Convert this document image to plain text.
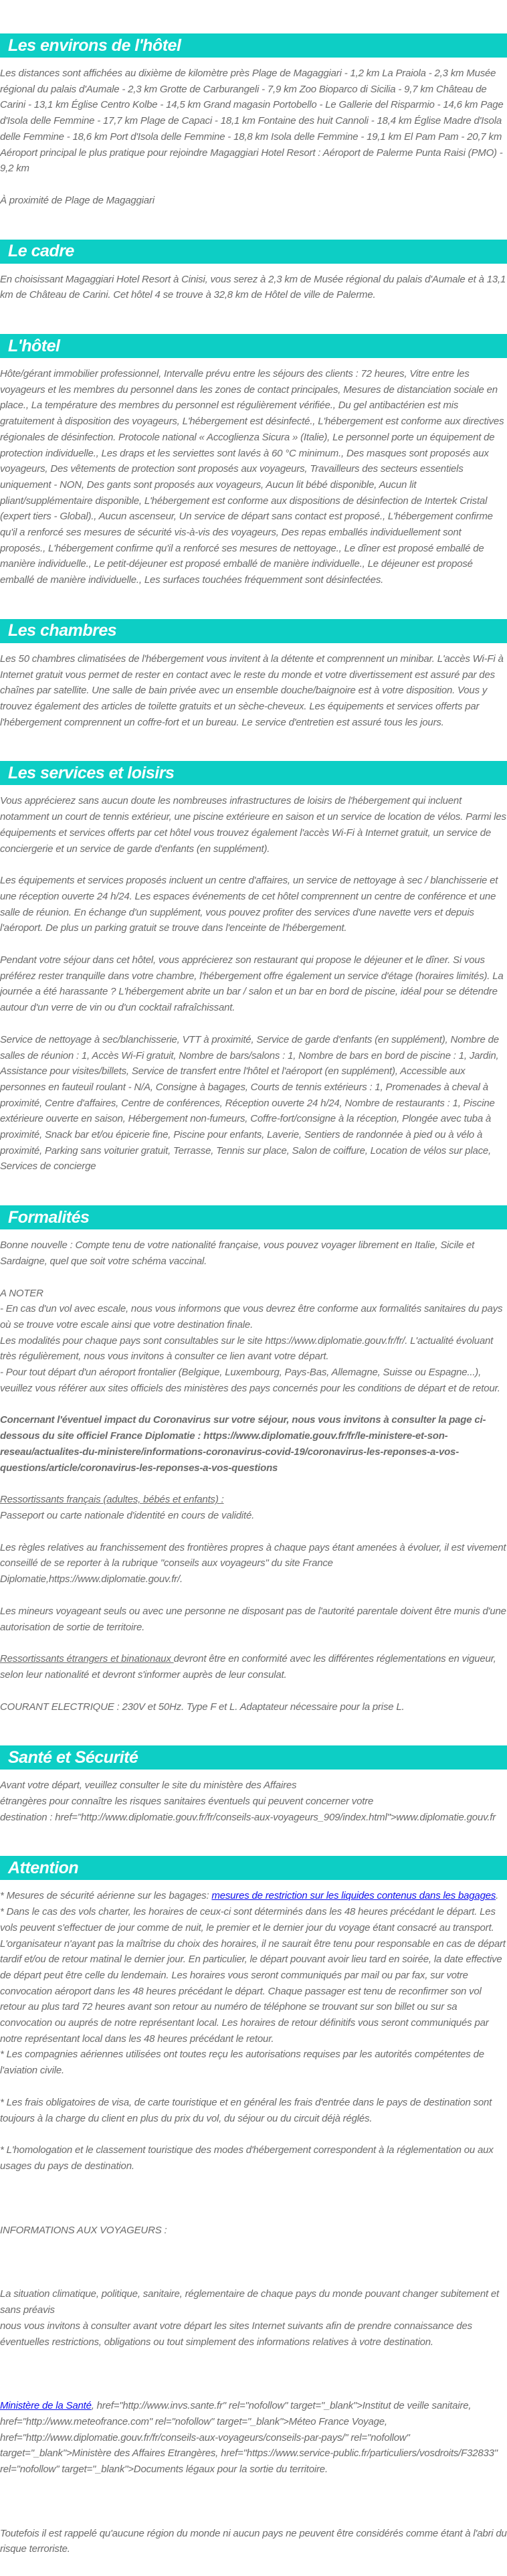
Les environs de l'hôtel

Les distances sont affichées au dixième de kilomètre près Plage de Magaggiari - 1,2 km La Praiola - 2,3 km Musée régional du palais d'Aumale - 2,3 km Grotte de Carburangeli - 7,9 km Zoo Bioparco di Sicilia - 9,7 km Château de Carini - 13,1 km Église Centro Kolbe - 14,5 km Grand magasin Portobello - Le Gallerie del Risparmio - 14,6 km Page d'Isola delle Femmine - 17,7 km Plage de Capaci - 18,1 km Fontaine des huit Cannoli - 18,4 km Église Madre d'Isola delle Femmine - 18,6 km Port d'Isola delle Femmine - 18,8 km Isola delle Femmine - 19,1 km El Pam Pam - 20,7 km Aéroport principal le plus pratique pour rejoindre Magaggiari Hotel Resort : Aéroport de Palerme Punta Raisi (PMO) - 9,2 km

À proximité de Plage de Magaggiari

Le cadre

En choisissant Magaggiari Hotel Resort à Cinisi, vous serez à 2,3 km de Musée régional du palais d'Aumale et à 13,1 km de Château de Carini. Cet hôtel 4 se trouve à 32,8 km de Hôtel de ville de Palerme.

L'hôtel

Hôte/gérant immobilier professionnel, Intervalle prévu entre les séjours des clients : 72 heures, Vitre entre les voyageurs et les membres du personnel dans les zones de contact principales, Mesures de distanciation sociale en place., La température des membres du personnel est régulièrement vérifiée., Du gel antibactérien est mis gratuitement à disposition des voyageurs, L'hébergement est désinfecté., L'hébergement est conforme aux directives régionales de désinfection. Protocole national « Accoglienza Sicura » (Italie), Le personnel porte un équipement de protection individuelle., Les draps et les serviettes sont lavés à 60 °C minimum., Des masques sont proposés aux voyageurs, Des vêtements de protection sont proposés aux voyageurs, Travailleurs des secteurs essentiels uniquement - NON, Des gants sont proposés aux voyageurs, Aucun lit bébé disponible, Aucun lit pliant/supplémentaire disponible, L'hébergement est conforme aux dispositions de désinfection de Intertek Cristal (expert tiers - Global)., Aucun ascenseur, Un service de départ sans contact est proposé., L'hébergement confirme qu'il a renforcé ses mesures de sécurité vis-à-vis des voyageurs, Des repas emballés individuellement sont proposés., L'hébergement confirme qu'il a renforcé ses mesures de nettoyage., Le dîner est proposé emballé de manière individuelle., Le petit-déjeuner est proposé emballé de manière individuelle., Le déjeuner est proposé emballé de manière individuelle., Les surfaces touchées fréquemment sont désinfectées.

Les chambres

Les 50 chambres climatisées de l'hébergement vous invitent à la détente et comprennent un minibar. L'accès Wi-Fi à Internet gratuit vous permet de rester en contact avec le reste du monde et votre divertissement est assuré par des chaînes par satellite. Une salle de bain privée avec un ensemble douche/baignoire est à votre disposition. Vous y trouvez également des articles de toilette gratuits et un sèche-cheveux. Les équipements et services offerts par l'hébergement comprennent un coffre-fort et un bureau. Le service d'entretien est assuré tous les jours.

Les services et loisirs

Vous apprécierez sans aucun doute les nombreuses infrastructures de loisirs de l'hébergement qui incluent notamment un court de tennis extérieur, une piscine extérieure en saison et un service de location de vélos. Parmi les équipements et services offerts par cet hôtel vous trouvez également l'accès Wi-Fi à Internet gratuit, un service de conciergerie et un service de garde d'enfants (en supplément).

Les équipements et services proposés incluent un centre d'affaires, un service de nettoyage à sec / blanchisserie et une réception ouverte 24 h/24. Les espaces événements de cet hôtel comprennent un centre de conférence et une salle de réunion. En échange d'un supplément, vous pouvez profiter des services d'une navette vers et depuis l'aéroport. De plus un parking gratuit se trouve dans l'enceinte de l'hébergement.

Pendant votre séjour dans cet hôtel, vous apprécierez son restaurant qui propose le déjeuner et le dîner. Si vous préférez rester tranquille dans votre chambre, l'hébergement offre également un service d'étage (horaires limités). La journée a été harassante ? L'hébergement abrite un bar / salon et un bar en bord de piscine, idéal pour se détendre autour d'un verre de vin ou d'un cocktail rafraîchissant.

Service de nettoyage à sec/blanchisserie, VTT à proximité, Service de garde d'enfants (en supplément), Nombre de salles de réunion : 1, Accès Wi-Fi gratuit, Nombre de bars/salons : 1, Nombre de bars en bord de piscine : 1, Jardin, Assistance pour visites/billets, Service de transfert entre l'hôtel et l'aéroport (en supplément), Accessible aux personnes en fauteuil roulant - N/A, Consigne à bagages, Courts de tennis extérieurs : 1, Promenades à cheval à proximité, Centre d'affaires, Centre de conférences, Réception ouverte 24 h/24, Nombre de restaurants : 1, Piscine extérieure ouverte en saison, Hébergement non-fumeurs, Coffre-fort/consigne à la réception, Plongée avec tuba à proximité, Snack bar et/ou épicerie fine, Piscine pour enfants, Laverie, Sentiers de randonnée à pied ou à vélo à proximité, Parking sans voiturier gratuit, Terrasse, Tennis sur place, Salon de coiffure, Location de vélos sur place, Services de concierge

Formalités

Bonne nouvelle : Compte tenu de votre nationalité française, vous pouvez voyager librement en Italie, Sicile et Sardaigne, quel que soit votre schéma vaccinal.

A NOTER

- En cas d'un vol avec escale, nous vous informons que vous devrez être conforme aux formalités sanitaires du pays où se trouve votre escale ainsi que votre destination finale.

Les modalités pour chaque pays sont consultables sur le site https://www.diplomatie.gouv.fr/fr/. L'actualité évoluant très régulièrement, nous vous invitons à consulter ce lien avant votre départ.

- Pour tout départ d'un aéroport frontalier (Belgique, Luxembourg, Pays-Bas, Allemagne, Suisse ou Espagne...), veuillez vous référer aux sites officiels des ministères des pays concernés pour les conditions de départ et de retour.

Concernant l'éventuel impact du Coronavirus sur votre séjour, nous vous invitons à consulter la page ci-dessous du site officiel France Diplomatie : https://www.diplomatie.gouv.fr/fr/le-ministere-et-son-reseau/actualites-du-ministere/informations-coronavirus-covid-19/coronavirus-les-reponses-a-vos-questions/article/coronavirus-les-reponses-a-vos-questions

Ressortissants français (adultes, bébés et enfants) :

Passeport ou carte nationale d'identité en cours de validité.

Les règles relatives au franchissement des frontières propres à chaque pays étant amenées à évoluer, il est vivement conseillé de se reporter à la rubrique "conseils aux voyageurs" du site France Diplomatie,https://www.diplomatie.gouv.fr/.

Les mineurs voyageant seuls ou avec une personne ne disposant pas de l'autorité parentale doivent être munis d'une autorisation de sortie de territoire.

Ressortissants étrangers et binationaux devront être en conformité avec les différentes réglementations en vigueur, selon leur nationalité et devront s'informer auprès de leur consulat.

COURANT ELECTRIQUE : 230V et 50Hz. Type F et L. Adaptateur nécessaire pour la prise L.

Santé et Sécurité

Avant votre départ, veuillez consulter le site du ministère des Affaires

étrangères pour connaître les risques sanitaires éventuels qui peuvent concerner votre

destination : href="http://www.diplomatie.gouv.fr/fr/conseils-aux-voyageurs_909/index.html">www.diplomatie.gouv.fr

Attention

* Mesures de sécurité aérienne sur les bagages: mesures de restriction sur les liquides contenus dans les bagages.

* Dans le cas des vols charter, les horaires de ceux-ci sont déterminés dans les 48 heures précédant le départ. Les vols peuvent s'effectuer de jour comme de nuit, le premier et le dernier jour du voyage étant consacré au transport. L'organisateur n'ayant pas la maîtrise du choix des horaires, il ne saurait être tenu pour responsable en cas de départ tardif et/ou de retour matinal le dernier jour. En particulier, le départ pouvant avoir lieu tard en soirée, la date effective de départ peut être celle du lendemain. Les horaires vous seront communiqués par mail ou par fax, sur votre convocation aéroport dans les 48 heures précédant le départ. Chaque passager est tenu de reconfirmer son vol retour au plus tard 72 heures avant son retour au numéro de téléphone se trouvant sur son billet ou sur sa convocation ou auprés de notre représentant local. Les horaires de retour définitifs vous seront communiqués par notre représentant local dans les 48 heures précédant le retour.

* Les compagnies aériennes utilisées ont toutes reçu les autorisations requises par les autorités compétentes de l'aviation civile.

* Les frais obligatoires de visa, de carte touristique et en général les frais d'entrée dans le pays de destination sont toujours à la charge du client en plus du prix du vol, du séjour ou du circuit déjà réglés.

* L'homologation et le classement touristique des modes d'hébergement correspondent à la réglementation ou aux usages du pays de destination.

INFORMATIONS AUX VOYAGEURS :

La situation climatique, politique, sanitaire, réglementaire de chaque pays du monde pouvant changer subitement et sans préavis

nous vous invitons à consulter avant votre départ les sites Internet suivants afin de prendre connaissance des éventuelles restrictions, obligations ou tout simplement des informations relatives à votre destination.

Ministère de la Santé, href="http://www.invs.sante.fr" rel="nofollow" target="_blank">Institut de veille sanitaire, href="http://www.meteofrance.com" rel="nofollow" target="_blank">Méteo France Voyage, href="http://www.diplomatie.gouv.fr/fr/conseils-aux-voyageurs/conseils-par-pays/" rel="nofollow" target="_blank">Ministère des Affaires Etrangères, href="https://www.service-public.fr/particuliers/vosdroits/F32833" rel="nofollow" target="_blank">Documents légaux pour la sortie du territoire.

Toutefois il est rappelé qu'aucune région du monde ni aucun pays ne peuvent être considérés comme étant à l'abri du risque terroriste.
